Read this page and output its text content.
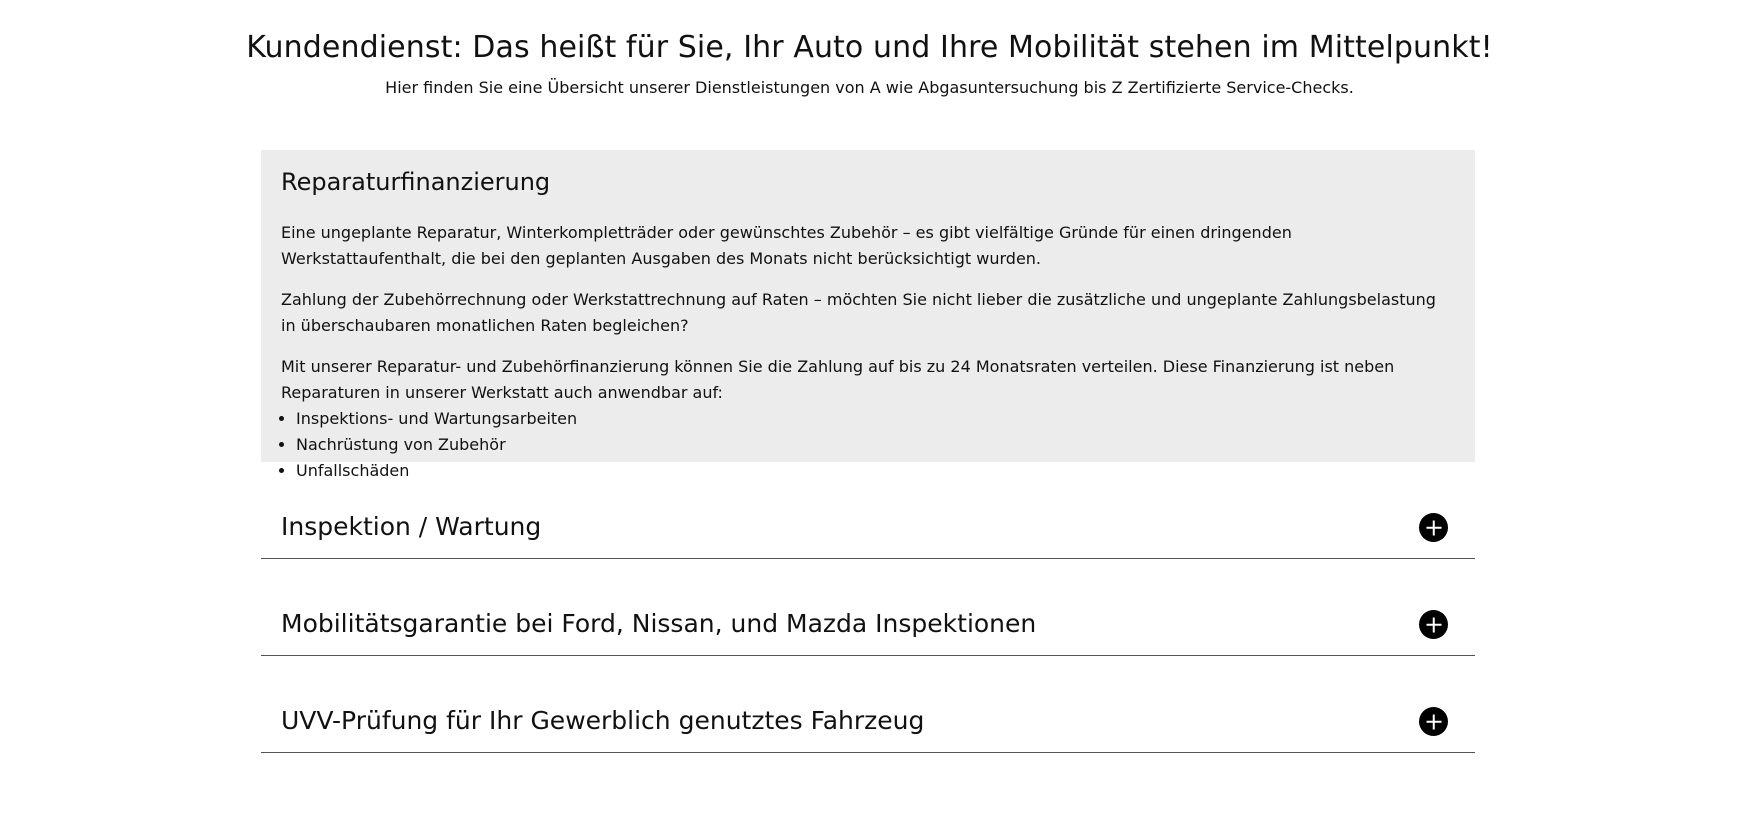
Kundendienst: Das heißt für Sie, Ihr Auto und Ihre Mobilität stehen im Mittelpunkt!

Hier finden Sie eine Übersicht unserer Dienstleistungen von A wie Abgasuntersuchung bis Z Zertifizierte Service-Checks.

Reparaturfinanzierung

Eine ungeplante Reparatur, Winterkompletträder oder gewünschtes Zubehör – es gibt vielfältige Gründe für einen dringenden Werkstattaufenthalt, die bei den geplanten Ausgaben des Monats nicht berücksichtigt wurden.

Zahlung der Zubehörrechnung oder Werkstattrechnung auf Raten – möchten Sie nicht lieber die zusätzliche und ungeplante Zahlungsbelastung in überschaubaren monatlichen Raten begleichen?

Mit unserer Reparatur- und Zubehörfinanzierung können Sie die Zahlung auf bis zu 24 Monatsraten verteilen. Diese Finanzierung ist neben Reparaturen in unserer Werkstatt auch anwendbar auf:

• Inspektions- und Wartungsarbeiten
• Nachrüstung von Zubehör
• Unfallschäden
Inspektion / Wartung
Mobilitätsgarantie bei Ford, Nissan, und Mazda Inspektionen
UVV-Prüfung für Ihr Gewerblich genutztes Fahrzeug
